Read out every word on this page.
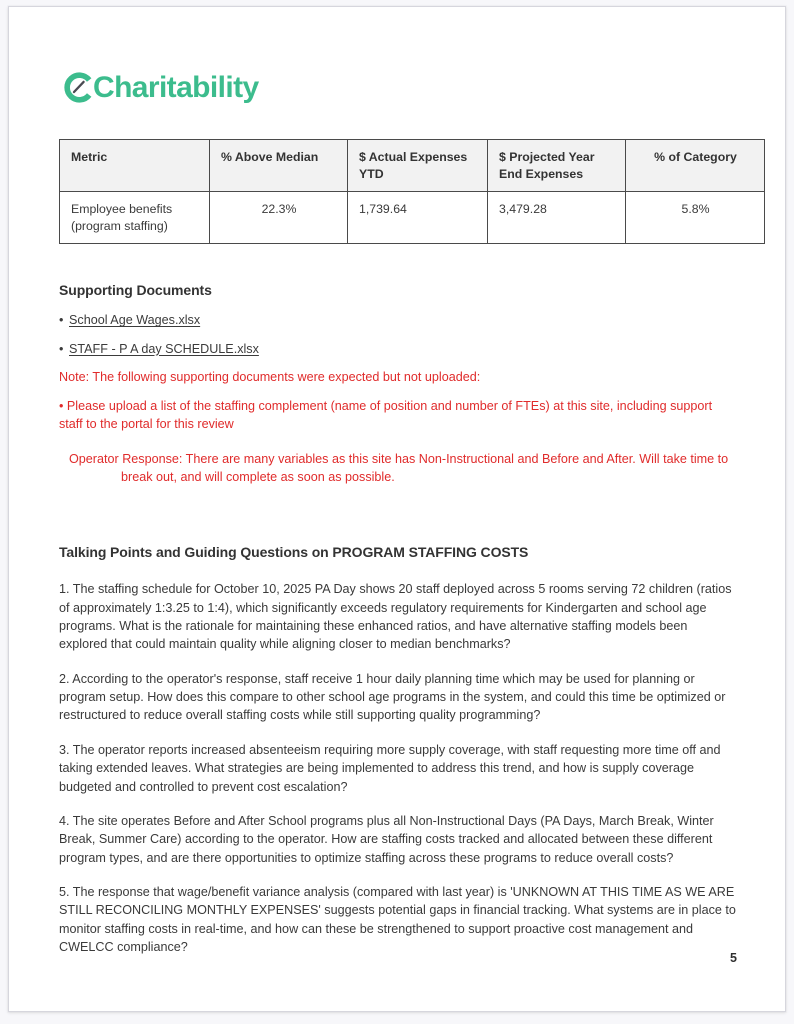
Charitability
Metric	% Above Median	$ Actual Expenses YTD	$ Projected Year End Expenses	% of Category
Employee benefits (program staffing)	22.3%	1,739.64	3,479.28	5.8%
Supporting Documents
• School Age Wages.xlsx
• STAFF - P A day SCHEDULE.xlsx

Note: The following supporting documents were expected but not uploaded:

• Please upload a list of the staffing complement (name of position and number of FTEs) at this site, including support staff to the portal for this review

Operator Response: There are many variables as this site has Non-Instructional and Before and After. Will take time to break out, and will complete as soon as possible.

Talking Points and Guiding Questions on PROGRAM STAFFING COSTS

1. The staffing schedule for October 10, 2025 PA Day shows 20 staff deployed across 5 rooms serving 72 children (ratios of approximately 1:3.25 to 1:4), which significantly exceeds regulatory requirements for Kindergarten and school age programs. What is the rationale for maintaining these enhanced ratios, and have alternative staffing models been explored that could maintain quality while aligning closer to median benchmarks?

2. According to the operator's response, staff receive 1 hour daily planning time which may be used for planning or program setup. How does this compare to other school age programs in the system, and could this time be optimized or restructured to reduce overall staffing costs while still supporting quality programming?

3. The operator reports increased absenteeism requiring more supply coverage, with staff requesting more time off and taking extended leaves. What strategies are being implemented to address this trend, and how is supply coverage budgeted and controlled to prevent cost escalation?

4. The site operates Before and After School programs plus all Non-Instructional Days (PA Days, March Break, Winter Break, Summer Care) according to the operator. How are staffing costs tracked and allocated between these different program types, and are there opportunities to optimize staffing across these programs to reduce overall costs?

5. The response that wage/benefit variance analysis (compared with last year) is 'UNKNOWN AT THIS TIME AS WE ARE STILL RECONCILING MONTHLY EXPENSES' suggests potential gaps in financial tracking. What systems are in place to monitor staffing costs in real-time, and how can these be strengthened to support proactive cost management and CWELCC compliance?

5
